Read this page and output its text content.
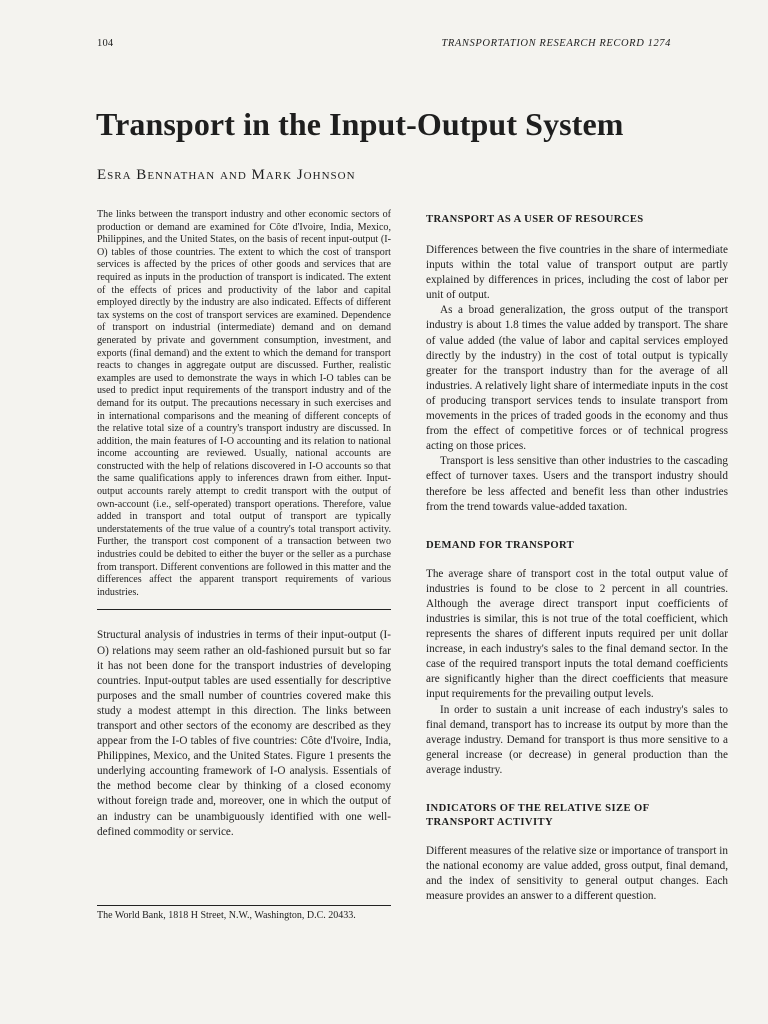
104	TRANSPORTATION RESEARCH RECORD 1274
Transport in the Input-Output System
Esra Bennathan and Mark Johnson

The links between the transport industry and other economic sectors of production or demand are examined for Côte d'Ivoire, India, Mexico, Philippines, and the United States, on the basis of recent input-output (I-O) tables of those countries. The extent to which the cost of transport services is affected by the prices of other goods and services that are required as inputs in the production of transport is indicated. The extent of the effects of prices and productivity of the labor and capital employed directly by the industry are also indicated. Effects of different tax systems on the cost of transport services are examined. Dependence of transport on industrial (intermediate) demand and on demand generated by private and government consumption, investment, and exports (final demand) and the extent to which the demand for transport reacts to changes in aggregate output are discussed. Further, realistic examples are used to demonstrate the ways in which I-O tables can be used to predict input requirements of the transport industry and of the demand for its output. The precautions necessary in such exercises and in international comparisons and the meaning of different concepts of the relative total size of a country's transport industry are discussed. In addition, the main features of I-O accounting and its relation to national income accounting are reviewed. Usually, national accounts are constructed with the help of relations discovered in I-O accounts so that the same qualifications apply to inferences drawn from either. Input-output accounts rarely attempt to credit transport with the output of own-account (i.e., self-operated) transport operations. Therefore, value added in transport and total output of transport are typically understatements of the true value of a country's total transport activity. Further, the transport cost component of a transaction between two industries could be debited to either the buyer or the seller as a purchase from transport. Different conventions are followed in this matter and the differences affect the apparent transport requirements of various industries.

Structural analysis of industries in terms of their input-output (I-O) relations may seem rather an old-fashioned pursuit but so far it has not been done for the transport industries of developing countries. Input-output tables are used essentially for descriptive purposes and the small number of countries covered make this study a modest attempt in this direction. The links between transport and other sectors of the economy are described as they appear from the I-O tables of five countries: Côte d'Ivoire, India, Philippines, Mexico, and the United States. Figure 1 presents the underlying accounting framework of I-O analysis. Essentials of the method become clear by thinking of a closed economy without foreign trade and, moreover, one in which the output of an industry can be unambiguously identified with one well-defined commodity or service.

TRANSPORT AS A USER OF RESOURCES

Differences between the five countries in the share of intermediate inputs within the total value of transport output are partly explained by differences in prices, including the cost of labor per unit of output.

As a broad generalization, the gross output of the transport industry is about 1.8 times the value added by transport. The share of value added (the value of labor and capital services employed directly by the industry) in the cost of total output is typically greater for the transport industry than for the average of all industries. A relatively light share of intermediate inputs in the cost of producing transport services tends to insulate transport from movements in the prices of traded goods in the economy and thus from the effect of competitive forces or of technical progress acting on those prices.

Transport is less sensitive than other industries to the cascading effect of turnover taxes. Users and the transport industry should therefore be less affected and benefit less than other industries from the trend towards value-added taxation.

DEMAND FOR TRANSPORT

The average share of transport cost in the total output value of industries is found to be close to 2 percent in all countries. Although the average direct transport input coefficients of industries is similar, this is not true of the total coefficient, which represents the shares of different inputs required per unit dollar increase, in each industry's sales to the final demand sector. In the case of the required transport inputs the total demand coefficients are significantly higher than the direct coefficients that measure input requirements for the prevailing output levels.

In order to sustain a unit increase of each industry's sales to final demand, transport has to increase its output by more than the average industry. Demand for transport is thus more sensitive to a general increase (or decrease) in general production than the average industry.

INDICATORS OF THE RELATIVE SIZE OF TRANSPORT ACTIVITY

Different measures of the relative size or importance of transport in the national economy are value added, gross output, final demand, and the index of sensitivity to general output changes. Each measure provides an answer to a different question.

The World Bank, 1818 H Street, N.W., Washington, D.C. 20433.
